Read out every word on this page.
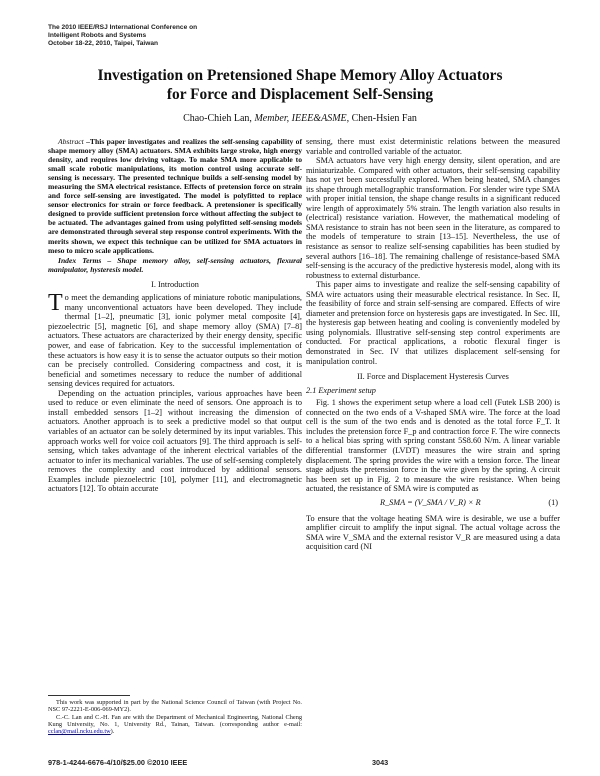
The 2010 IEEE/RSJ International Conference on
Intelligent Robots and Systems
October 18-22, 2010, Taipei, Taiwan
Investigation on Pretensioned Shape Memory Alloy Actuators
for Force and Displacement Self-Sensing
Chao-Chieh Lan, Member, IEEE&ASME, Chen-Hsien Fan

Abstract –This paper investigates and realizes the self-sensing capability of shape memory alloy (SMA) actuators. SMA exhibits large stroke, high energy density, and requires low driving voltage. To make SMA more applicable to small scale robotic manipulations, its motion control using accurate self-sensing is necessary. The presented technique builds a self-sensing model by measuring the SMA electrical resistance. Effects of pretension force on strain and force self-sensing are investigated. The model is polyfitted to replace sensor electronics for strain or force feedback. A pretensioner is specifically designed to provide sufficient pretension force without affecting the subject to be actuated. The advantages gained from using polyfitted self-sensing models are demonstrated through several step response control experiments. With the merits shown, we expect this technique can be utilized for SMA actuators in meso to micro scale applications.

Index Terms – Shape memory alloy, self-sensing actuators, flexural manipulator, hysteresis model.

I. Introduction

To meet the demanding applications of miniature robotic manipulations, many unconventional actuators have been developed. They include thermal [1–2], pneumatic [3], ionic polymer metal composite [4], piezoelectric [5], magnetic [6], and shape memory alloy (SMA) [7–8] actuators. These actuators are characterized by their energy density, specific power, and ease of fabrication. Key to the successful implementation of these actuators is how easy it is to sense the actuator outputs so their motion can be precisely controlled. Considering compactness and cost, it is beneficial and sometimes necessary to reduce the number of additional sensing devices required for actuators.

Depending on the actuation principles, various approaches have been used to reduce or even eliminate the need of sensors. One approach is to install embedded sensors [1–2] without increasing the dimension of actuators. Another approach is to seek a predictive model so that output variables of an actuator can be solely determined by its input variables. This approach works well for voice coil actuators [9]. The third approach is self-sensing, which takes advantage of the inherent electrical variables of the actuator to infer its mechanical variables. The use of self-sensing completely removes the complexity and cost introduced by additional sensors. Examples include piezoelectric [10], polymer [11], and electromagnetic actuators [12]. To obtain accurate

This work was supported in part by the National Science Council of Taiwan (with Project No. NSC 97-2221-E-006-069-MY2).

C.-C. Lan and C.-H. Fan are with the Department of Mechanical Engineering, National Cheng Kung University, No. 1, University Rd., Tainan, Taiwan. (corresponding author e-mail: cclan@mail.ncku.edu.tw).

sensing, there must exist deterministic relations between the measured variable and controlled variable of the actuator.

SMA actuators have very high energy density, silent operation, and are miniaturizable. Compared with other actuators, their self-sensing capability has not yet been successfully explored. When being heated, SMA changes its shape through metallographic transformation. For slender wire type SMA with proper initial tension, the shape change results in a significant reduced wire length of approximately 5% strain. The length variation also results in (electrical) resistance variation. However, the mathematical modeling of SMA resistance to strain has not been seen in the literature, as compared to the models of temperature to strain [13–15]. Nevertheless, the use of resistance as sensor to realize self-sensing capabilities has been studied by several authors [16–18]. The remaining challenge of resistance-based SMA self-sensing is the accuracy of the predictive hysteresis model, along with its robustness to external disturbance.

This paper aims to investigate and realize the self-sensing capability of SMA wire actuators using their measurable electrical resistance. In Sec. II, the feasibility of force and strain self-sensing are compared. Effects of wire diameter and pretension force on hysteresis gaps are investigated. In Sec. III, the hysteresis gap between heating and cooling is conveniently modeled by using polynomials. Illustrative self-sensing step control experiments are conducted. For practical applications, a robotic flexural finger is demonstrated in Sec. IV that utilizes displacement self-sensing for manipulation control.

II. Force and Displacement Hysteresis Curves

2.1 Experiment setup

Fig. 1 shows the experiment setup where a load cell (Futek LSB 200) is connected on the two ends of a V-shaped SMA wire. The force at the load cell is the sum of the two ends and is denoted as the total force F_T. It includes the pretension force F_p and contraction force F. The wire connects to a helical bias spring with spring constant 5S8.60 N/m. A linear variable differential transformer (LVDT) measures the wire strain and spring displacement. The spring provides the wire with a tension force. The linear stage adjusts the pretension force in the wire given by the spring. A circuit has been set up in Fig. 2 to measure the wire resistance. When being actuated, the resistance of SMA wire is computed as

R_SMA = (V_SMA / V_R) × R	(1)

To ensure that the voltage heating SMA wire is desirable, we use a buffer amplifier circuit to amplify the input signal. The actual voltage across the SMA wire V_SMA and the external resistor V_R are measured using a data acquisition card (NI

978-1-4244-6676-4/10/$25.00 ©2010 IEEE	3043
